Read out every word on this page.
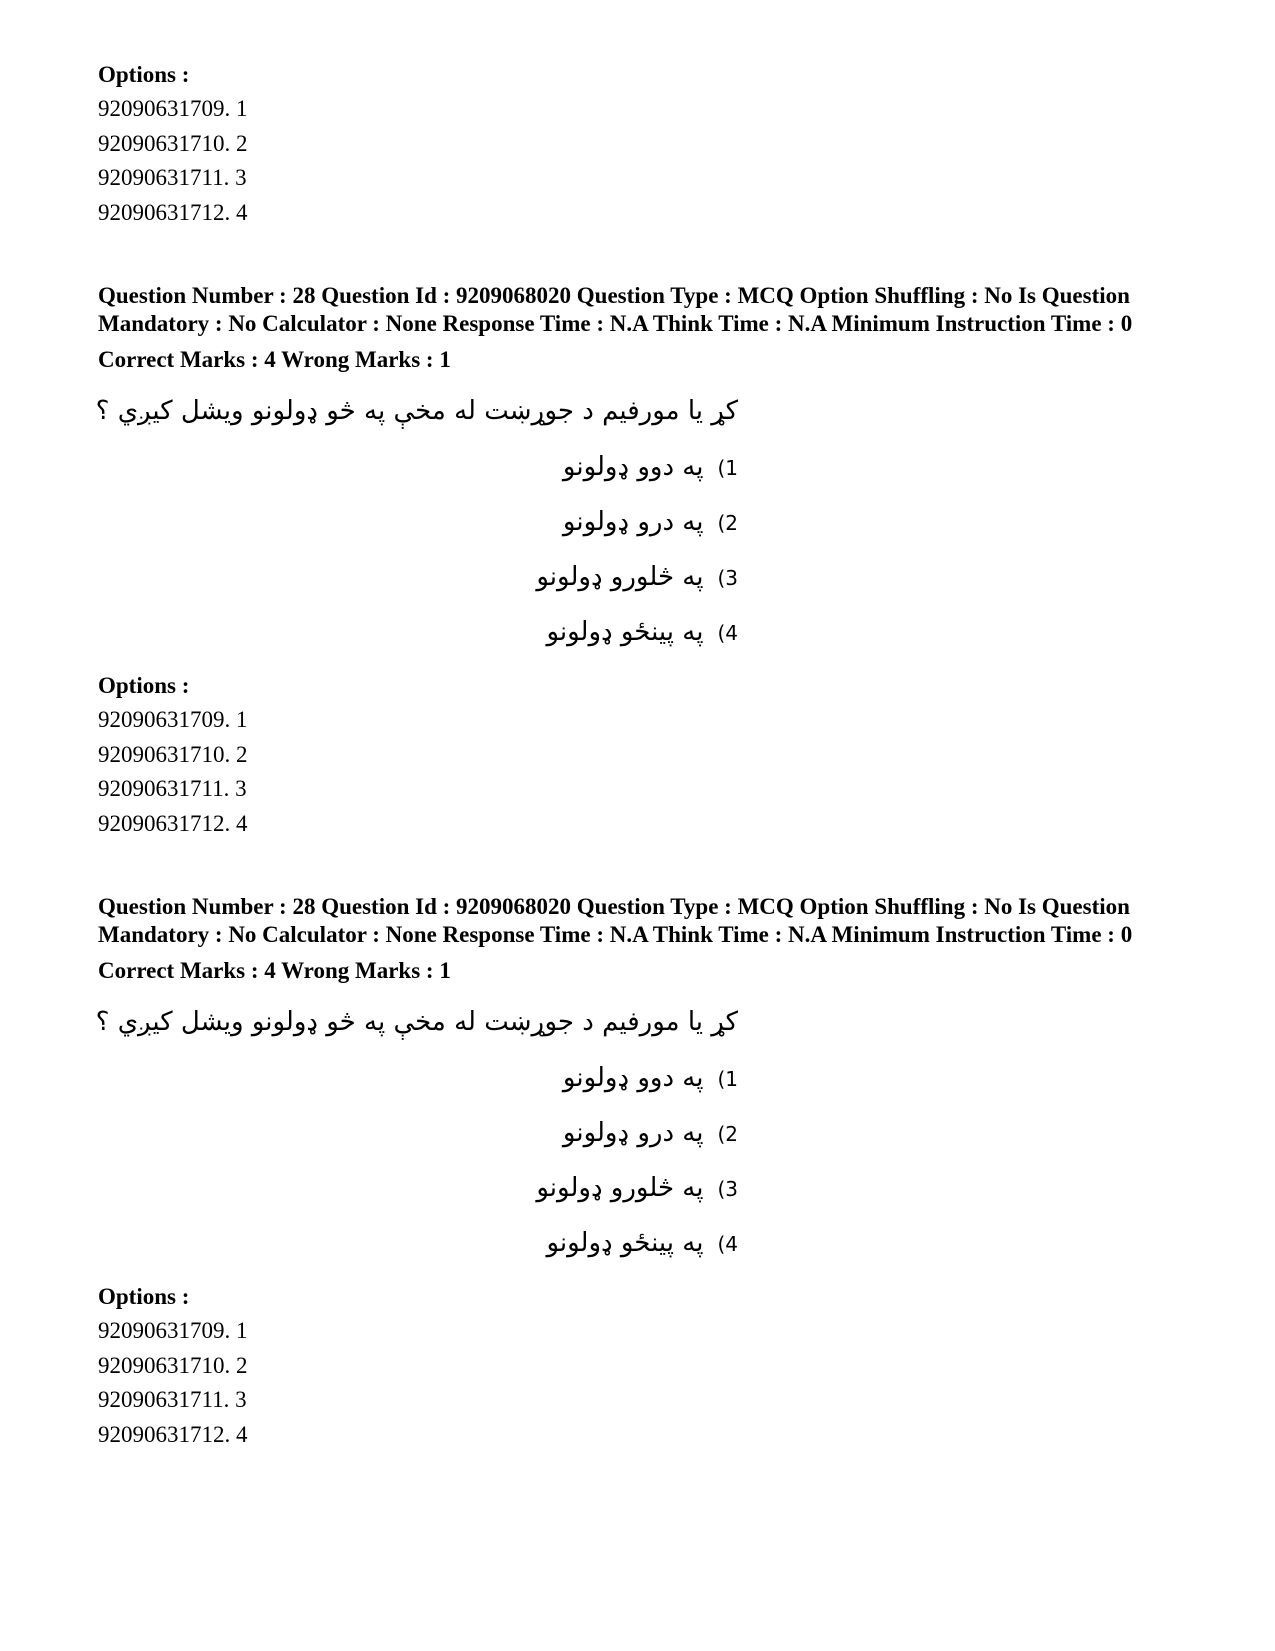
Options :

92090631709. 1

92090631710. 2

92090631711. 3

92090631712. 4

Question Number : 28 Question Id : 9209068020 Question Type : MCQ Option Shuffling : No Is Question Mandatory : No Calculator : None Response Time : N.A Think Time : N.A Minimum Instruction Time : 0

Correct Marks : 4 Wrong Marks : 1

کړ یا مورفیم د جوړښت له مخې په څو ډولونو ویشل کیږي ؟
(1په دوو ډولونو
(2په درو ډولونو
(3په څلورو ډولونو
(4په پینځو ډولونو

Options :

92090631709. 1

92090631710. 2

92090631711. 3

92090631712. 4

Question Number : 28 Question Id : 9209068020 Question Type : MCQ Option Shuffling : No Is Question Mandatory : No Calculator : None Response Time : N.A Think Time : N.A Minimum Instruction Time : 0

Correct Marks : 4 Wrong Marks : 1

کړ یا مورفیم د جوړښت له مخې په څو ډولونو ویشل کیږي ؟
(1په دوو ډولونو
(2په درو ډولونو
(3په څلورو ډولونو
(4په پینځو ډولونو

Options :

92090631709. 1

92090631710. 2

92090631711. 3

92090631712. 4
